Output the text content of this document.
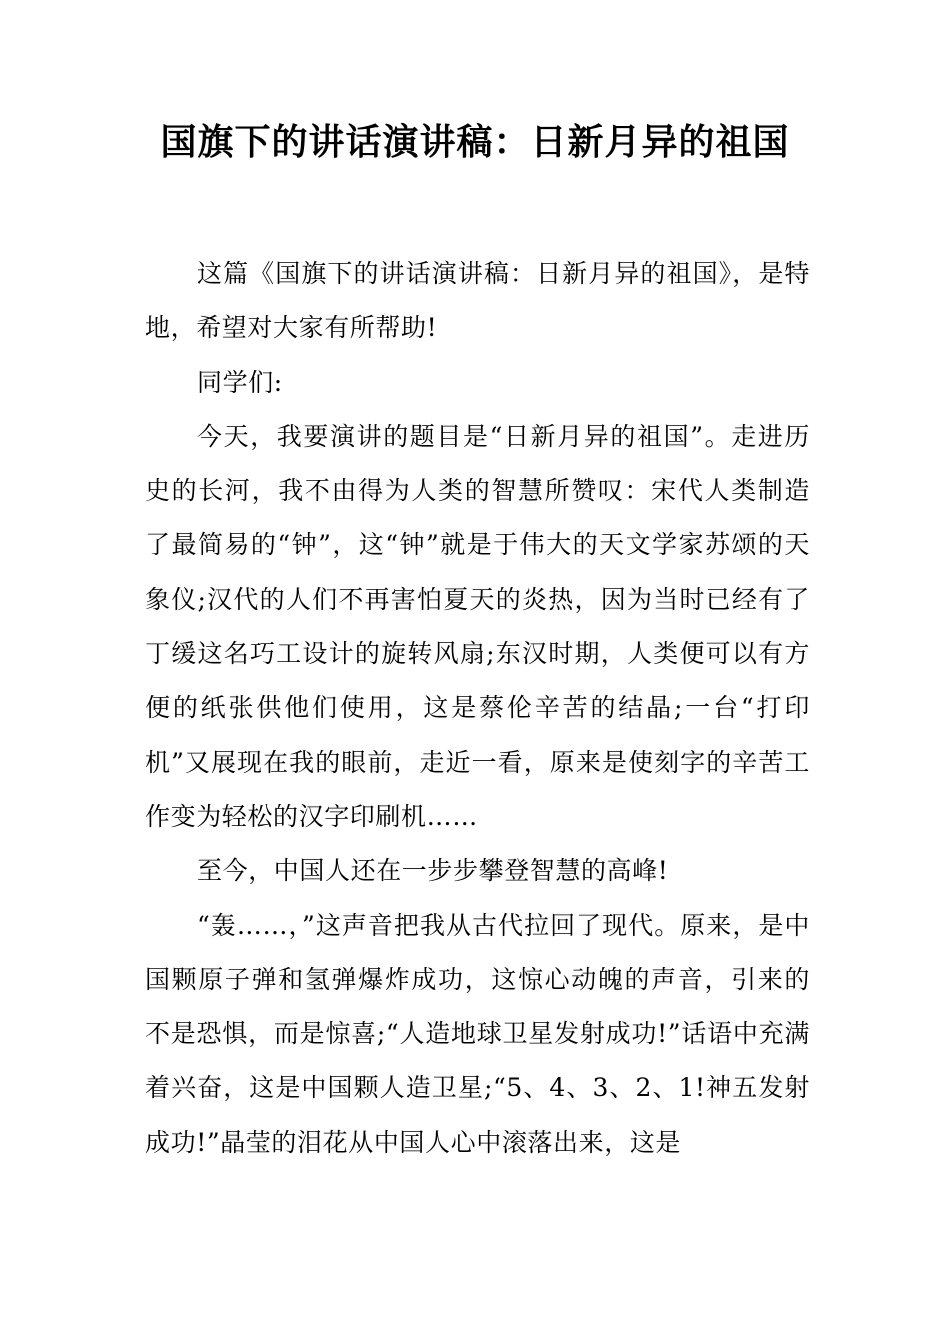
国旗下的讲话演讲稿：日新月异的祖国

这篇《国旗下的讲话演讲稿：日新月异的祖国》，是特地，希望对大家有所帮助!

同学们:

今天，我要演讲的题目是“日新月异的祖国”。走进历史的长河，我不由得为人类的智慧所赞叹：宋代人类制造了最简易的“钟”，这“钟”就是于伟大的天文学家苏颂的天象仪;汉代的人们不再害怕夏天的炎热，因为当时已经有了丁缓这名巧工设计的旋转风扇;东汉时期，人类便可以有方便的纸张供他们使用，这是蔡伦辛苦的结晶;一台“打印机”又展现在我的眼前，走近一看，原来是使刻字的辛苦工作变为轻松的汉字印刷机……

至今，中国人还在一步步攀登智慧的高峰!

“轰……，”这声音把我从古代拉回了现代。原来，是中国颗原子弹和氢弹爆炸成功，这惊心动魄的声音，引来的不是恐惧，而是惊喜;“人造地球卫星发射成功!”话语中充满着兴奋，这是中国颗人造卫星;“5、4、3、2、1!神五发射成功!”晶莹的泪花从中国人心中滚落出来，这是
